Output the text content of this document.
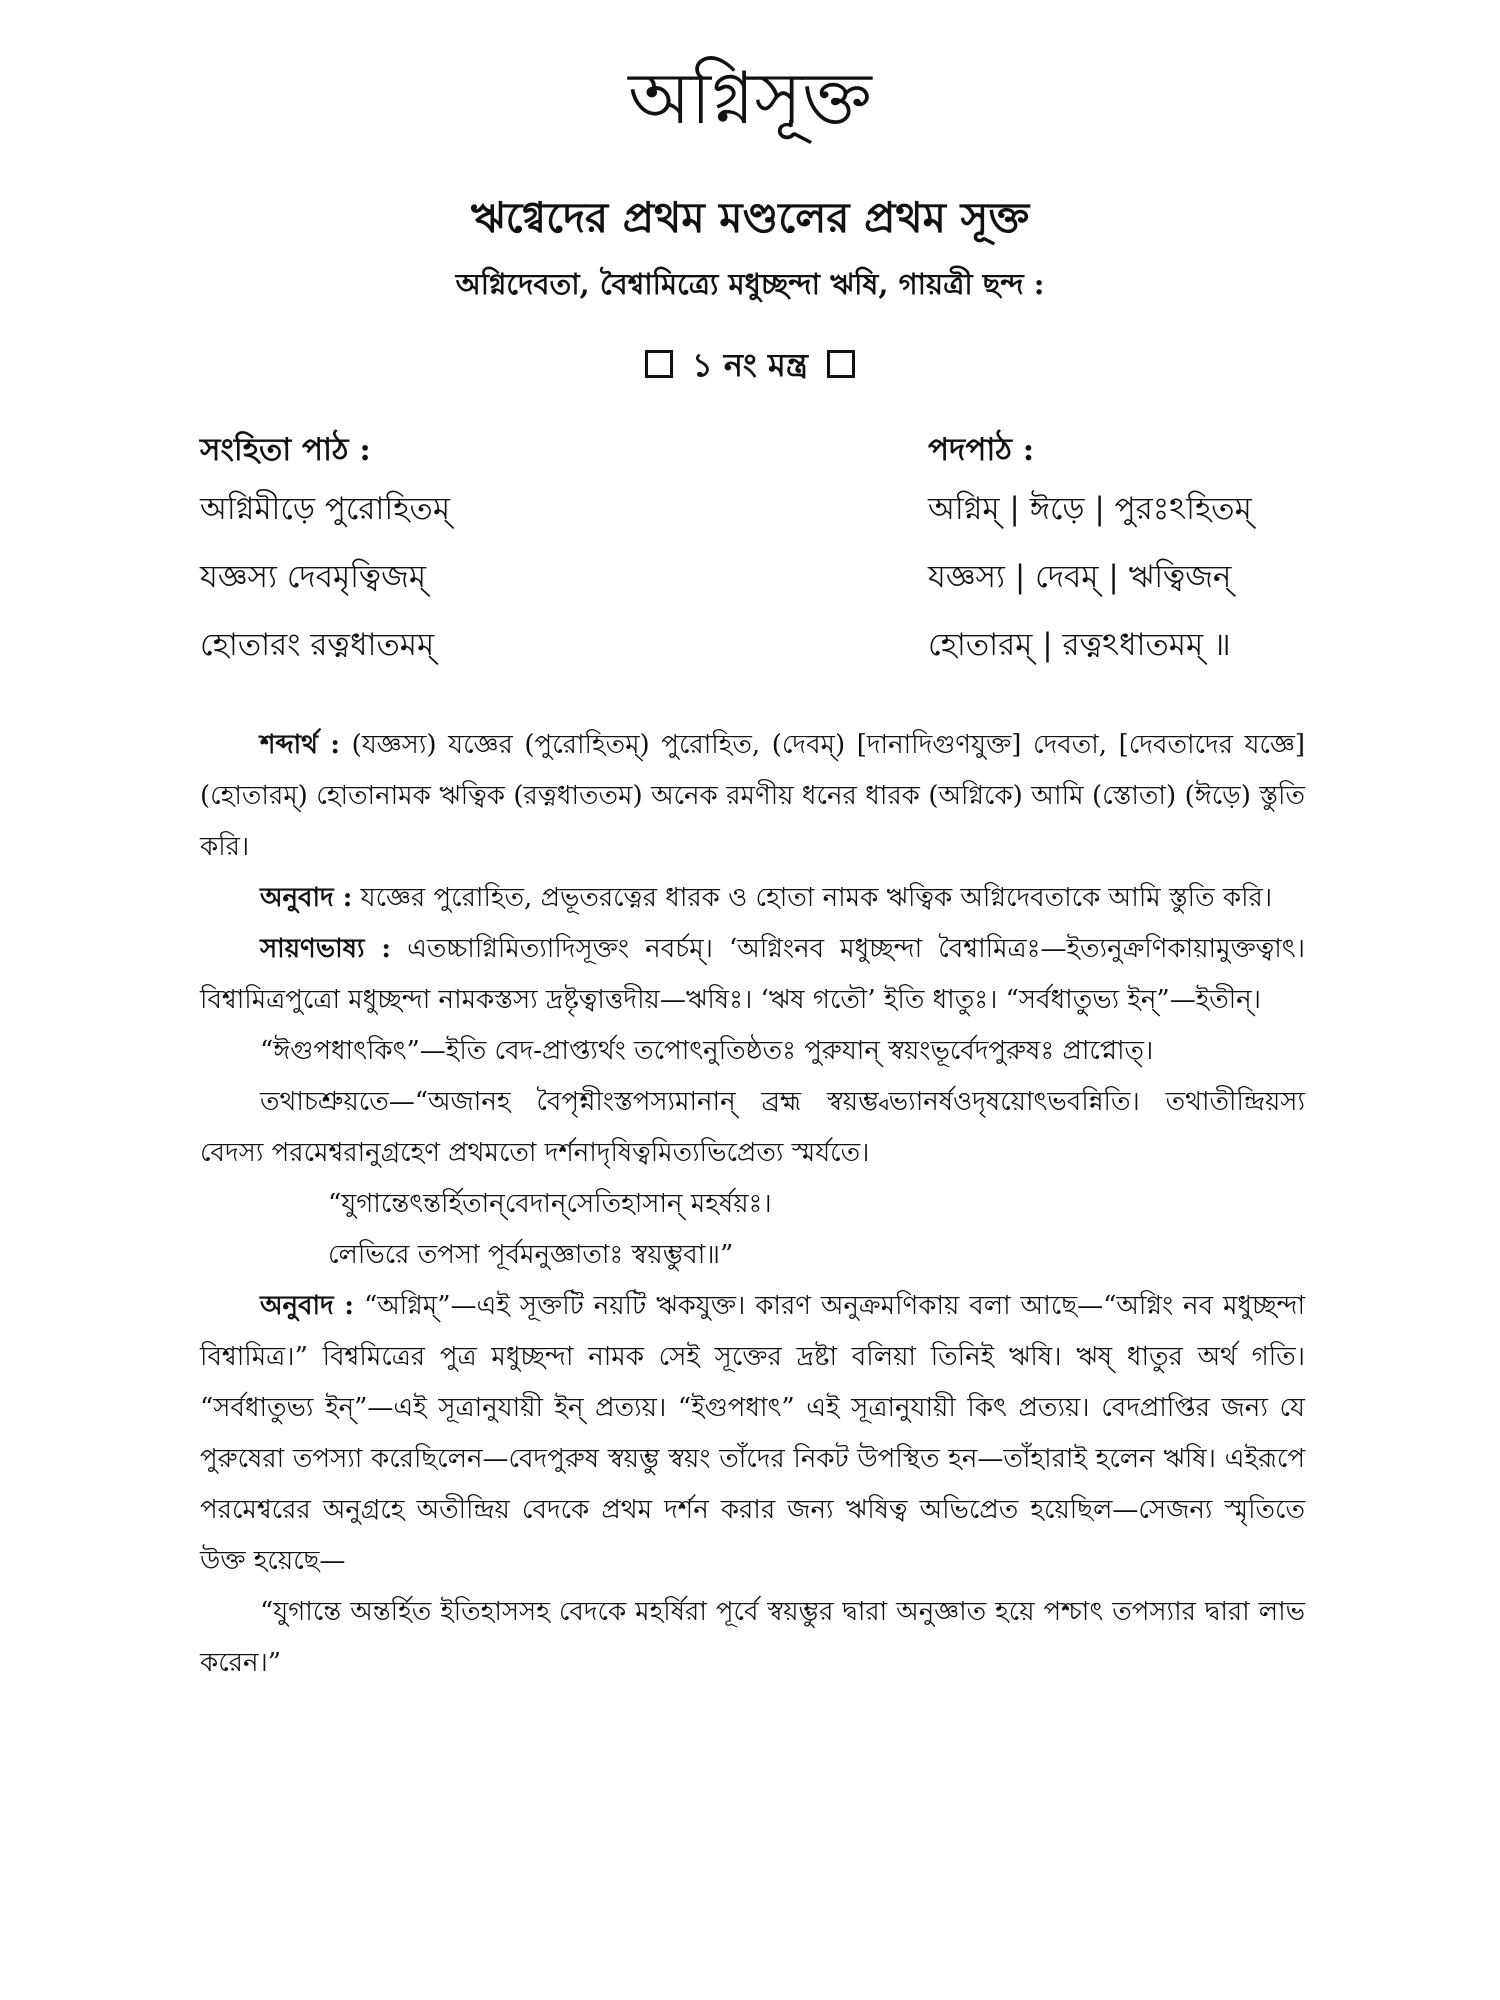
অগ্নিসূক্ত
ঋগ্বেদের প্রথম মণ্ডলের প্রথম সূক্ত
অগ্নিদেবতা, বৈশ্বামিত্র্যে মধুচ্ছন্দা ঋষি, গায়ত্রী ছন্দ :
১ নং মন্ত্র
সংহিতা পাঠ :
অগ্নিমীড়ে পুরোহিতম্
যজ্ঞস্য দেবমৃত্বিজম্
হোতারং রত্নধাতমম্
পদপাঠ :
অগ্নিম্ | ঈড়ে | পুরঃঽহিতম্
যজ্ঞস্য | দেবম্ | ঋত্বিজন্
হোতারম্ | রত্নঽধাতমম্ ॥

শব্দার্থ : (যজ্ঞস্য) যজ্ঞের (পুরোহিতম্) পুরোহিত, (দেবম্) [দানাদিগুণযুক্ত] দেবতা, [দেবতাদের যজ্ঞে] (হোতারম্) হোতানামক ঋত্বিক (রত্নধাততম) অনেক রমণীয় ধনের ধারক (অগ্নিকে) আমি (স্তোতা) (ঈড়ে) স্তুতি করি।

অনুবাদ : যজ্ঞের পুরোহিত, প্রভূতরত্নের ধারক ও হোতা নামক ঋত্বিক অগ্নিদেবতাকে আমি স্তুতি করি।

সায়ণভাষ্য : এতচ্চাগ্নিমিত্যাদিসূক্তং নবর্চম্। ‘অগ্নিংনব মধুচ্ছন্দা বৈশ্বামিত্রঃ—ইত্যনুক্রণিকায়ামুক্তত্বাৎ। বিশ্বামিত্রপুত্রো মধুচ্ছন্দা নামকস্তস্য দ্রষ্টৃত্বাত্তদীয়—ঋষিঃ। ‘ঋষ গতৌ’ ইতি ধাতুঃ। “সর্বধাতুভ্য ইন্”—ইতীন্।

“ঈগুপধাৎকিৎ”—ইতি বেদ-প্রাপ্ত্যর্থং তপোৎনুতিষ্ঠতঃ পুরুযান্ স্বয়ংভূর্বেদপুরুষঃ প্রাপ্নোত্।

তথাচশ্রুয়তে—“অজানহ বৈপৃশ্নীংস্তপস্যমানান্ ব্রহ্ম স্বয়ম্ভ্বভ্যানর্ষওদৃষয়োৎভবন্নিতি। তথাতীন্দ্রিয়স্য বেদস্য পরমেশ্বরানুগ্রহেণ প্রথমতো দর্শনাদৃষিত্বমিত্যভিপ্রেত্য স্মর্যতে।

“যুগান্তেৎন্তর্হিতান্‌বেদান্‌সেতিহাসান্ মহর্ষয়ঃ।

লেভিরে তপসা পূর্বমনুজ্ঞাতাঃ স্বয়ম্ভুবা॥”

অনুবাদ : “অগ্নিম্”—এই সূক্তটি নয়টি ঋকযুক্ত। কারণ অনুক্রমণিকায় বলা আছে—“অগ্নিং নব মধুচ্ছন্দা বিশ্বামিত্র।” বিশ্বমিত্রের পুত্র মধুচ্ছন্দা নামক সেই সূক্তের দ্রষ্টা বলিয়া তিনিই ঋষি। ঋষ্ ধাতুর অর্থ গতি। “সর্বধাতুভ্য ইন্”—এই সূত্রানুযায়ী ইন্ প্রত্যয়। “ইগুপধাৎ” এই সূত্রানুযায়ী কিৎ প্রত্যয়। বেদপ্রাপ্তির জন্য যে পুরুষেরা তপস্যা করেছিলেন—বেদপুরুষ স্বয়ম্ভু স্বয়ং তাঁদের নিকট উপস্থিত হন—তাঁহারাই হলেন ঋষি। এইরূপে পরমেশ্বরের অনুগ্রহে অতীন্দ্রিয় বেদকে প্রথম দর্শন করার জন্য ঋষিত্ব অভিপ্রেত হয়েছিল—সেজন্য স্মৃতিতে উক্ত হয়েছে—

“যুগান্তে অন্তর্হিত ইতিহাসসহ বেদকে মহর্ষিরা পূর্বে স্বয়ম্ভুর দ্বারা অনুজ্ঞাত হয়ে পশ্চাৎ তপস্যার দ্বারা লাভ করেন।”
